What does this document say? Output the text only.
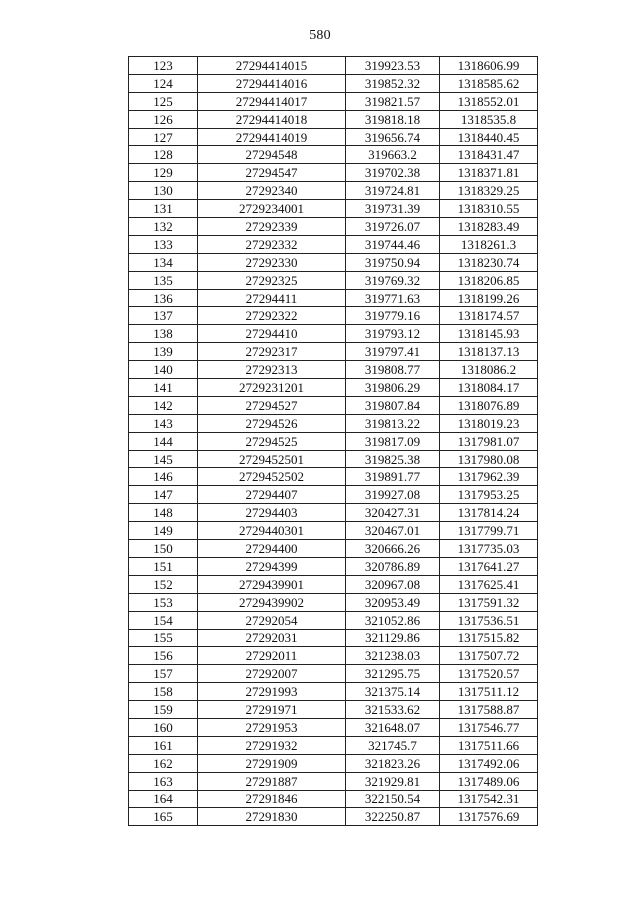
580
123	27294414015	319923.53	1318606.99
124	27294414016	319852.32	1318585.62
125	27294414017	319821.57	1318552.01
126	27294414018	319818.18	1318535.8
127	27294414019	319656.74	1318440.45
128	27294548	319663.2	1318431.47
129	27294547	319702.38	1318371.81
130	27292340	319724.81	1318329.25
131	2729234001	319731.39	1318310.55
132	27292339	319726.07	1318283.49
133	27292332	319744.46	1318261.3
134	27292330	319750.94	1318230.74
135	27292325	319769.32	1318206.85
136	27294411	319771.63	1318199.26
137	27292322	319779.16	1318174.57
138	27294410	319793.12	1318145.93
139	27292317	319797.41	1318137.13
140	27292313	319808.77	1318086.2
141	2729231201	319806.29	1318084.17
142	27294527	319807.84	1318076.89
143	27294526	319813.22	1318019.23
144	27294525	319817.09	1317981.07
145	2729452501	319825.38	1317980.08
146	2729452502	319891.77	1317962.39
147	27294407	319927.08	1317953.25
148	27294403	320427.31	1317814.24
149	2729440301	320467.01	1317799.71
150	27294400	320666.26	1317735.03
151	27294399	320786.89	1317641.27
152	2729439901	320967.08	1317625.41
153	2729439902	320953.49	1317591.32
154	27292054	321052.86	1317536.51
155	27292031	321129.86	1317515.82
156	27292011	321238.03	1317507.72
157	27292007	321295.75	1317520.57
158	27291993	321375.14	1317511.12
159	27291971	321533.62	1317588.87
160	27291953	321648.07	1317546.77
161	27291932	321745.7	1317511.66
162	27291909	321823.26	1317492.06
163	27291887	321929.81	1317489.06
164	27291846	322150.54	1317542.31
165	27291830	322250.87	1317576.69
